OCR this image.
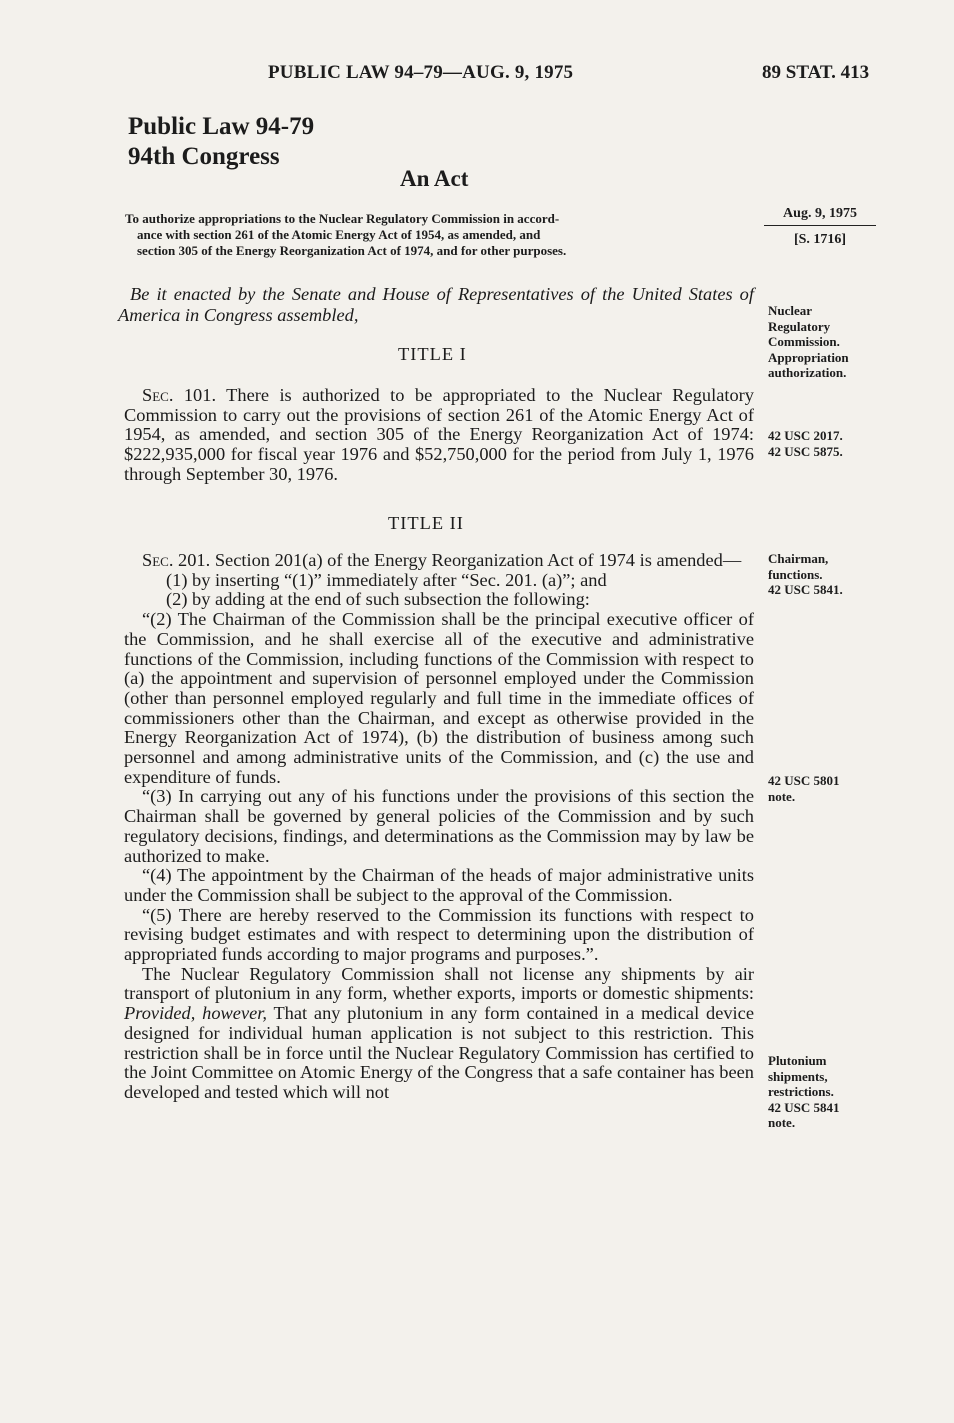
PUBLIC LAW 94–79—AUG. 9, 1975	89 STAT. 413
Public Law 94-79
94th Congress
An Act
To authorize appropriations to the Nuclear Regulatory Commission in accord-
ance with section 261 of the Atomic Energy Act of 1954, as amended, and
section 305 of the Energy Reorganization Act of 1974, and for other purposes.
Aug. 9, 1975
[S. 1716]
Be it enacted by the Senate and House of Representatives of the United States of America in Congress assembled,
TITLE I

Sec. 101. There is authorized to be appropriated to the Nuclear Regulatory Commission to carry out the provisions of section 261 of the Atomic Energy Act of 1954, as amended, and section 305 of the Energy Reorganization Act of 1974: $222,935,000 for fiscal year 1976 and $52,750,000 for the period from July 1, 1976 through September 30, 1976.

TITLE II

Sec. 201. Section 201(a) of the Energy Reorganization Act of 1974 is amended—

(1) by inserting “(1)” immediately after “Sec. 201. (a)”; and

(2) by adding at the end of such subsection the following:

“(2) The Chairman of the Commission shall be the principal executive officer of the Commission, and he shall exercise all of the executive and administrative functions of the Commission, including functions of the Commission with respect to (a) the appointment and supervision of personnel employed under the Commission (other than personnel employed regularly and full time in the immediate offices of commissioners other than the Chairman, and except as otherwise provided in the Energy Reorganization Act of 1974), (b) the distribution of business among such personnel and among administrative units of the Commission, and (c) the use and expenditure of funds.

“(3) In carrying out any of his functions under the provisions of this section the Chairman shall be governed by general policies of the Commission and by such regulatory decisions, findings, and determinations as the Commission may by law be authorized to make.

“(4) The appointment by the Chairman of the heads of major administrative units under the Commission shall be subject to the approval of the Commission.

“(5) There are hereby reserved to the Commission its functions with respect to revising budget estimates and with respect to determining upon the distribution of appropriated funds according to major programs and purposes.”.

The Nuclear Regulatory Commission shall not license any shipments by air transport of plutonium in any form, whether exports, imports or domestic shipments: Provided, however, That any plutonium in any form contained in a medical device designed for individual human application is not subject to this restriction. This restriction shall be in force until the Nuclear Regulatory Commission has certified to the Joint Committee on Atomic Energy of the Congress that a safe container has been developed and tested which will not

Nuclear
Regulatory
Commission.
Appropriation
authorization.
42 USC 2017.
42 USC 5875.
Chairman,
functions.
42 USC 5841.
42 USC 5801
note.
Plutonium
shipments,
restrictions.
42 USC 5841
note.
